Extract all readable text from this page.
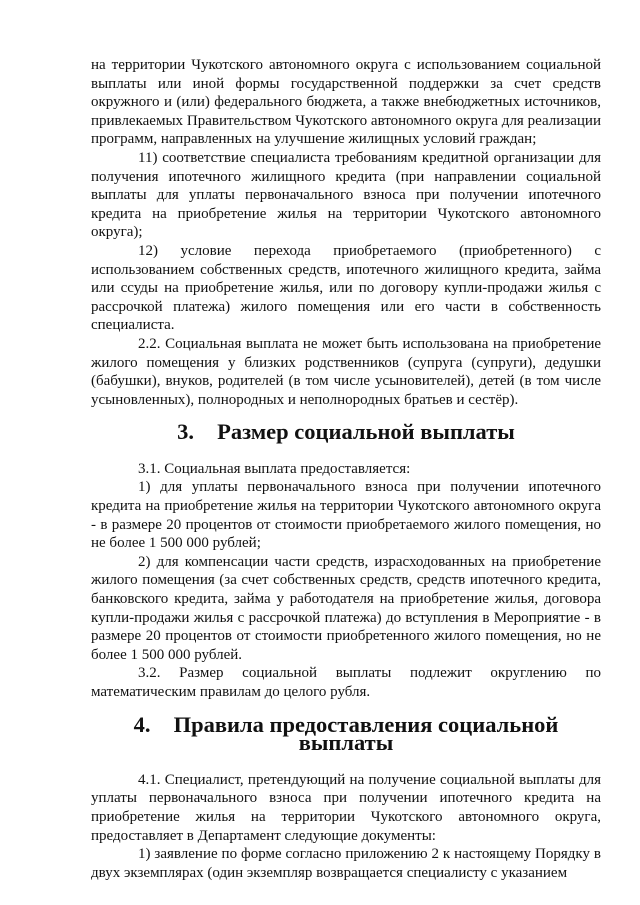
на территории Чукотского автономного округа с использованием социальной выплаты или иной формы государственной поддержки за счет средств окружного и (или) федерального бюджета, а также внебюджетных источников, привлекаемых Правительством Чукотского автономного округа для реализации программ, направленных на улучшение жилищных условий граждан;

11) соответствие специалиста требованиям кредитной организации для получения ипотечного жилищного кредита (при направлении социальной выплаты для уплаты первоначального взноса при получении ипотечного кредита на приобретение жилья на территории Чукотского автономного округа);

12) условие перехода приобретаемого (приобретенного) с использованием собственных средств, ипотечного жилищного кредита, займа или ссуды на приобретение жилья, или по договору купли-продажи жилья с рассрочкой платежа) жилого помещения или его части в собственность специалиста.

2.2. Социальная выплата не может быть использована на приобретение жилого помещения у близких родственников (супруга (супруги), дедушки (бабушки), внуков, родителей (в том числе усыновителей), детей (в том числе усыновленных), полнородных и неполнородных братьев и сестёр).

3. Размер социальной выплаты

3.1. Социальная выплата предоставляется:

1) для уплаты первоначального взноса при получении ипотечного кредита на приобретение жилья на территории Чукотского автономного округа - в размере 20 процентов от стоимости приобретаемого жилого помещения, но не более 1 500 000 рублей;

2) для компенсации части средств, израсходованных на приобретение жилого помещения (за счет собственных средств, средств ипотечного кредита, банковского кредита, займа у работодателя на приобретение жилья, договора купли-продажи жилья с рассрочкой платежа) до вступления в Мероприятие - в размере 20 процентов от стоимости приобретенного жилого помещения, но не более 1 500 000 рублей.

3.2. Размер социальной выплаты подлежит округлению по математическим правилам до целого рубля.

4. Правила предоставления социальной выплаты

4.1. Специалист, претендующий на получение социальной выплаты для уплаты первоначального взноса при получении ипотечного кредита на приобретение жилья на территории Чукотского автономного округа, предоставляет в Департамент следующие документы:

1) заявление по форме согласно приложению 2 к настоящему Порядку в двух экземплярах (один экземпляр возвращается специалисту с указанием
